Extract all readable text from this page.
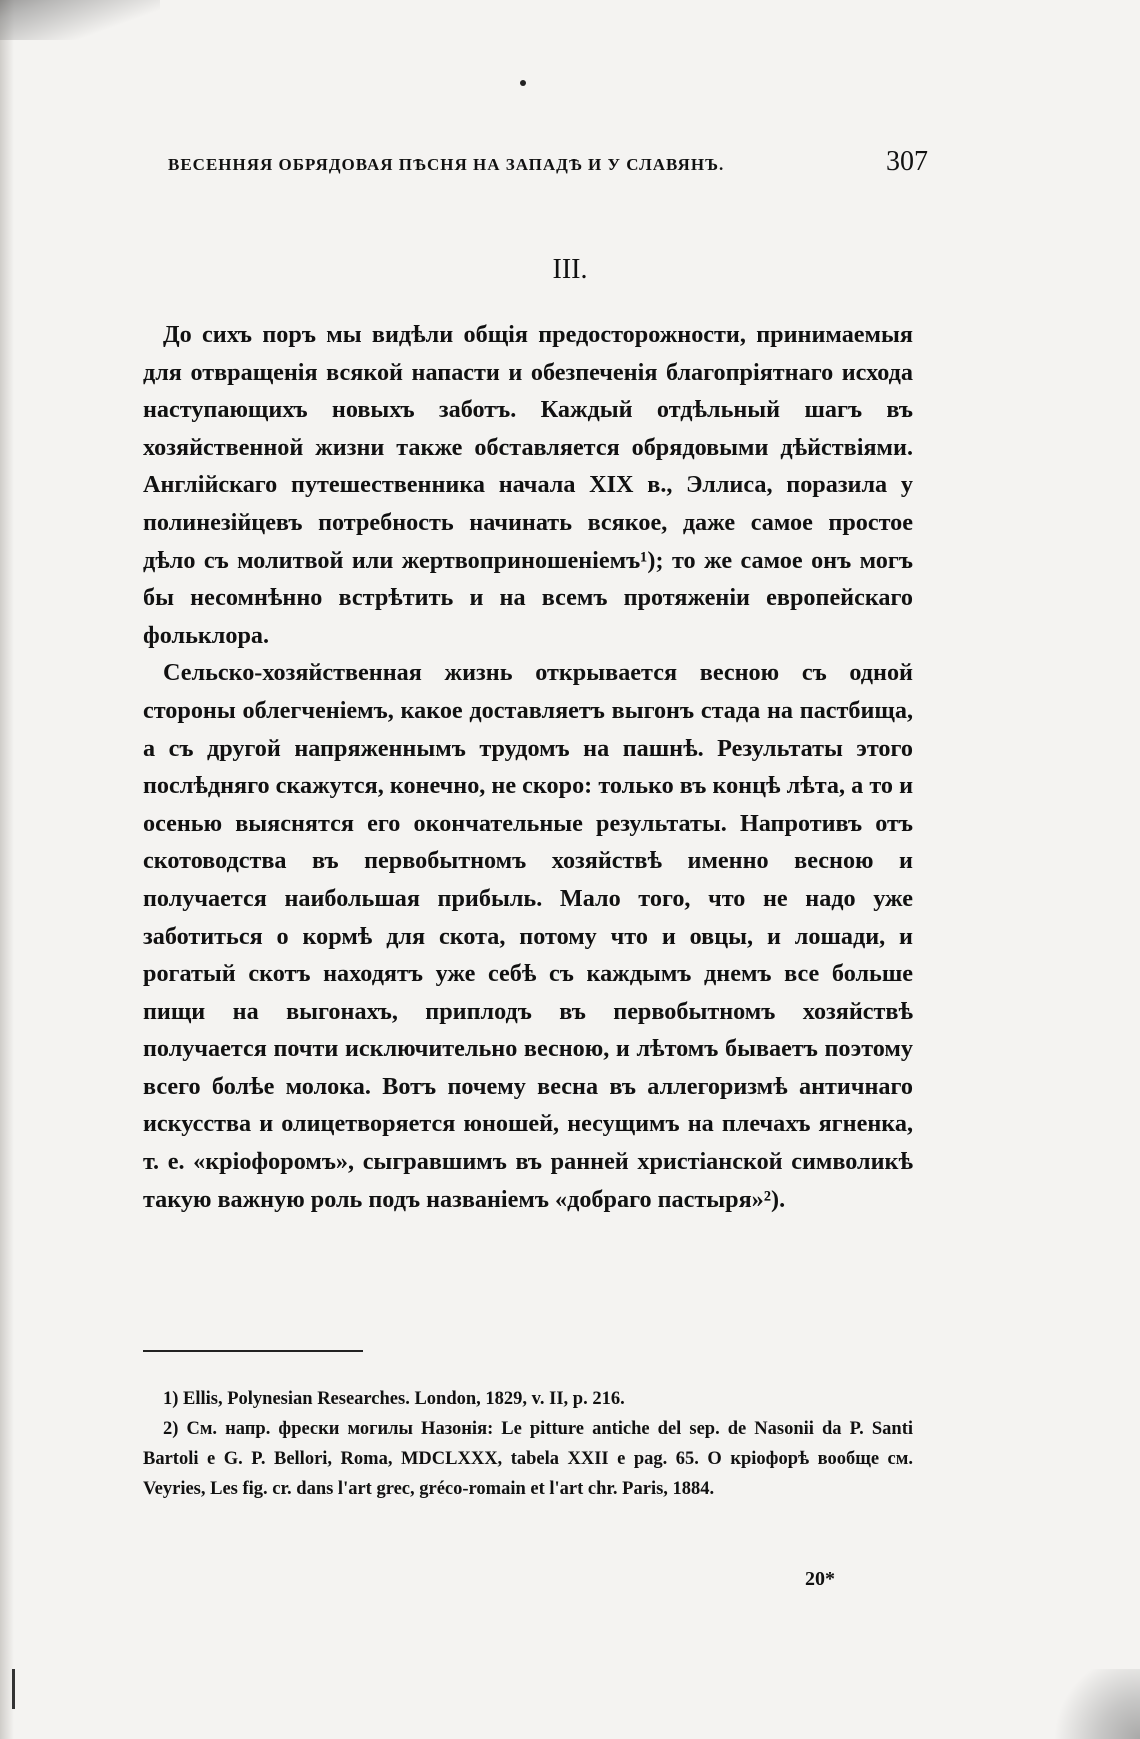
ВЕСЕННЯЯ ОБРЯДОВАЯ ПѢСНЯ НА ЗАПАДѢ И У СЛАВЯНЪ.	307
III.

До сихъ поръ мы видѣли общія предосторожности, принимаемыя для отвращенія всякой напасти и обезпеченія благопріятнаго исхода наступающихъ новыхъ заботъ. Каждый отдѣльный шагъ въ хозяйственной жизни также обставляется обрядовыми дѣйствіями. Англійскаго путешественника начала XIX в., Эллиса, поразила у полинезійцевъ потребность начинать всякое, даже самое простое дѣло съ молитвой или жертвоприношеніемъ¹); то же самое онъ могъ бы несомнѣнно встрѣтить и на всемъ протяженіи европейскаго фольклора.

Сельско-хозяйственная жизнь открывается весною съ одной стороны облегченіемъ, какое доставляетъ выгонъ стада на пастбища, а съ другой напряженнымъ трудомъ на пашнѣ. Результаты этого послѣдняго скажутся, конечно, не скоро: только въ концѣ лѣта, а то и осенью выяснятся его окончательные результаты. Напротивъ отъ скотоводства въ первобытномъ хозяйствѣ именно весною и получается наибольшая прибыль. Мало того, что не надо уже заботиться о кормѣ для скота, потому что и овцы, и лошади, и рогатый скотъ находятъ уже себѣ съ каждымъ днемъ все больше пищи на выгонахъ, приплодъ въ первобытномъ хозяйствѣ получается почти исключительно весною, и лѣтомъ бываетъ поэтому всего болѣе молока. Вотъ почему весна въ аллегоризмѣ античнаго искусства и олицетворяется юношей, несущимъ на плечахъ ягненка, т. е. «кріофоромъ», сыгравшимъ въ ранней христіанской символикѣ такую важную роль подъ названіемъ «добраго пастыря»²).

1) Ellis, Polynesian Researches. London, 1829, v. II, p. 216.

2) См. напр. фрески могилы Назонія: Le pitture antiche del sep. de Nasonii da P. Santi Bartoli e G. P. Bellori, Roma, MDCLXXX, tabela XXII e pag. 65. О кріофорѣ вообще см. Veyries, Les fig. cr. dans l'art grec, gréco-romain et l'art chr. Paris, 1884.

20*
